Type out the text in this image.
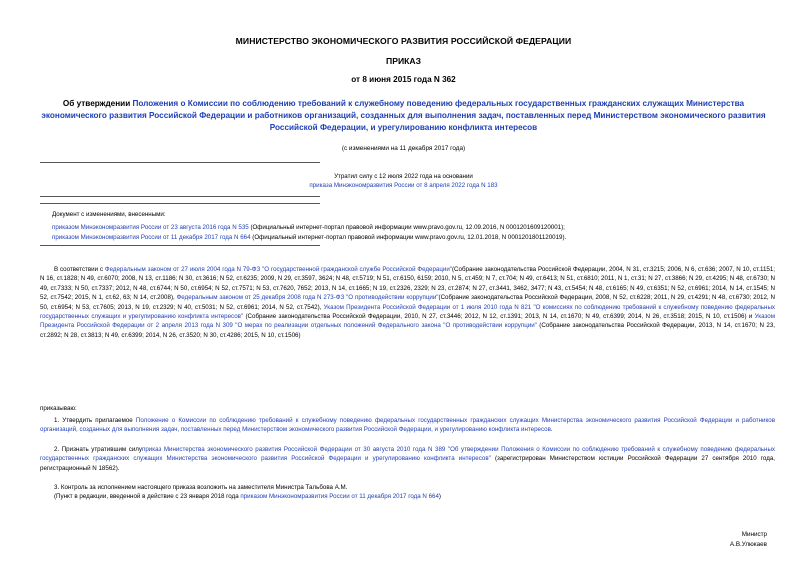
МИНИСТЕРСТВО ЭКОНОМИЧЕСКОГО РАЗВИТИЯ РОССИЙСКОЙ ФЕДЕРАЦИИ
ПРИКАЗ
от 8 июня 2015 года N 362
Об утверждении Положения о Комиссии по соблюдению требований к служебному поведению федеральных государственных гражданских служащих Министерства экономического развития Российской Федерации и работников организаций, созданных для выполнения задач, поставленных перед Министерством экономического развития Российской Федерации, и урегулированию конфликта интересов
(с изменениями на 11 декабря 2017 года)
Утратил силу с 12 июля 2022 года на основании
приказа Минэкономразвития России от 8 апреля 2022 года N 183
Документ с изменениями, внесенными:
приказом Минэкономразвития России от 23 августа 2016 года N 535 (Официальный интернет-портал правовой информации www.pravo.gov.ru, 12.09.2016, N 0001201609120001);
приказом Минэкономразвития России от 11 декабря 2017 года N 664 (Официальный интернет-портал правовой информации www.pravo.gov.ru, 12.01.2018, N 0001201801120019).
В соответствии с Федеральным законом от 27 июля 2004 года N 79-ФЗ "О государственной гражданской службе Российской Федерации"(Собрание законодательства Российской Федерации, 2004, N 31, ст.3215; 2006, N 6, ст.636; 2007, N 10, ст.1151; N 16, ст.1828; N 49, ст.6070; 2008, N 13, ст.1186; N 30, ст.3616; N 52, ст.6235; 2009, N 29, ст.3597, 3624; N 48, ст.5719; N 51, ст.6150, 6159; 2010, N 5, ст.459; N 7, ст.704; N 49, ст.6413; N 51, ст.6810; 2011, N 1, ст.31; N 27, ст.3866; N 29, ст.4295; N 48, ст.6730; N 49, ст.7333; N 50, ст.7337; 2012, N 48, ст.6744; N 50, ст.6954; N 52, ст.7571; N 53, ст.7620, 7652; 2013, N 14, ст.1665; N 19, ст.2326, 2329; N 23, ст.2874; N 27, ст.3441, 3462, 3477; N 43, ст.5454; N 48, ст.6165; N 49, ст.6351; N 52, ст.6961; 2014, N 14, ст.1545; N 52, ст.7542; 2015, N 1, ст.62, 63; N 14, ст.2008), Федеральным законом от 25 декабря 2008 года N 273-ФЗ "О противодействии коррупции"(Собрание законодательства Российской Федерации, 2008, N 52, ст.6228; 2011, N 29, ст.4291; N 48, ст.6730; 2012, N 50, ст.6954; N 53, ст.7605; 2013, N 19, ст.2329; N 40, ст.5031; N 52, ст.6961; 2014, N 52, ст.7542), Указом Президента Российской Федерации от 1 июля 2010 года N 821 "О комиссиях по соблюдению требований к служебному поведению федеральных государственных служащих и урегулированию конфликта интересов" (Собрание законодательства Российской Федерации, 2010, N 27, ст.3446; 2012, N 12, ст.1391; 2013, N 14, ст.1670; N 49, ст.6399; 2014, N 26, ст.3518; 2015, N 10, ст.1506) и Указом Президента Российской Федерации от 2 апреля 2013 года N 309 "О мерах по реализации отдельных положений Федерального закона "О противодействии коррупции" (Собрание законодательства Российской Федерации, 2013, N 14, ст.1670; N 23, ст.2892; N 28, ст.3813; N 49, ст.6399; 2014, N 26, ст.3520; N 30, ст.4286; 2015, N 10, ст.1506)
приказываю:
1. Утвердить прилагаемое Положение о Комиссии по соблюдению требований к служебному поведению федеральных государственных гражданских служащих Министерства экономического развития Российской Федерации и работников организаций, созданных для выполнения задач, поставленных перед Министерством экономического развития Российской Федерации, и урегулированию конфликта интересов.
2. Признать утратившим силуприказ Министерства экономического развития Российской Федерации от 30 августа 2010 года N 389 "Об утверждении Положения о Комиссии по соблюдению требований к служебному поведению федеральных государственных гражданских служащих Министерства экономического развития Российской Федерации и урегулированию конфликта интересов" (зарегистрирован Министерством юстиции Российской Федерации 27 сентября 2010 года, регистрационный N 18562).
3. Контроль за исполнением настоящего приказа возложить на заместителя Министра Тальбова А.М.
(Пункт в редакции, введенной в действие с 23 января 2018 года приказом Минэкономразвития России от 11 декабря 2017 года N 664)
Министр
А.В.Улюкаев
